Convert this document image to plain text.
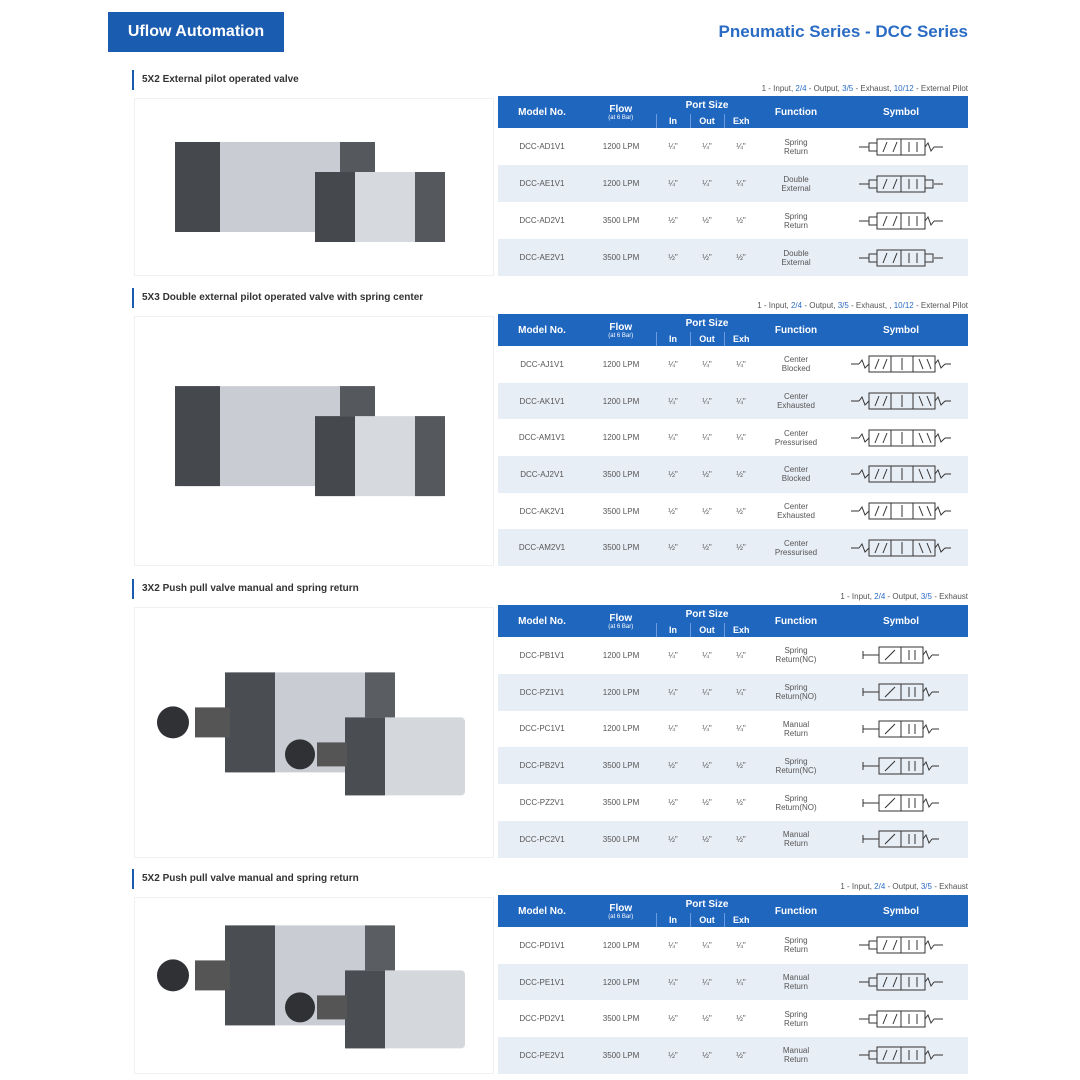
Uflow Automation	Pneumatic Series - DCC Series
5X2 External pilot operated valve
1 - Input, 2/4 - Output, 3/5 - Exhaust, 10/12 - External Pilot
Model No.	Flow
(at 6 Bar)	Port Size			Function	Symbol
		In	Out	Exh		
DCC-AD1V1	1200 LPM	¼"	¼"	¼"	Spring
Return

DCC-AE1V1	1200 LPM	¼"	¼"	¼"	Double
External

DCC-AD2V1	3500 LPM	½"	½"	½"	Spring
Return

DCC-AE2V1	3500 LPM	½"	½"	½"	Double
External

5X3 Double external pilot operated valve with spring center
1 - Input, 2/4 - Output, 3/5 - Exhaust, , 10/12 - External Pilot
Model No.	Flow
(at 6 Bar)	Port Size			Function	Symbol
		In	Out	Exh		
DCC-AJ1V1	1200 LPM	¼"	¼"	¼"	Center
Blocked

DCC-AK1V1	1200 LPM	¼"	¼"	¼"	Center
Exhausted

DCC-AM1V1	1200 LPM	¼"	¼"	¼"	Center
Pressurised

DCC-AJ2V1	3500 LPM	½"	½"	½"	Center
Blocked

DCC-AK2V1	3500 LPM	½"	½"	½"	Center
Exhausted

DCC-AM2V1	3500 LPM	½"	½"	½"	Center
Pressurised

3X2 Push pull valve manual and spring return
1 - Input, 2/4 - Output, 3/5 - Exhaust
Model No.	Flow
(at 6 Bar)	Port Size			Function	Symbol
		In	Out	Exh		
DCC-PB1V1	1200 LPM	¼"	¼"	¼"	Spring
Return(NC)

DCC-PZ1V1	1200 LPM	¼"	¼"	¼"	Spring
Return(NO)

DCC-PC1V1	1200 LPM	¼"	¼"	¼"	Manual
Return

DCC-PB2V1	3500 LPM	½"	½"	½"	Spring
Return(NC)

DCC-PZ2V1	3500 LPM	½"	½"	½"	Spring
Return(NO)

DCC-PC2V1	3500 LPM	½"	½"	½"	Manual
Return

5X2 Push pull valve manual and spring return
1 - Input, 2/4 - Output, 3/5 - Exhaust
Model No.	Flow
(at 6 Bar)	Port Size			Function	Symbol
		In	Out	Exh		
DCC-PD1V1	1200 LPM	¼"	¼"	¼"	Spring
Return

DCC-PE1V1	1200 LPM	¼"	¼"	¼"	Manual
Return

DCC-PD2V1	3500 LPM	½"	½"	½"	Spring
Return

DCC-PE2V1	3500 LPM	½"	½"	½"	Manual
Return
